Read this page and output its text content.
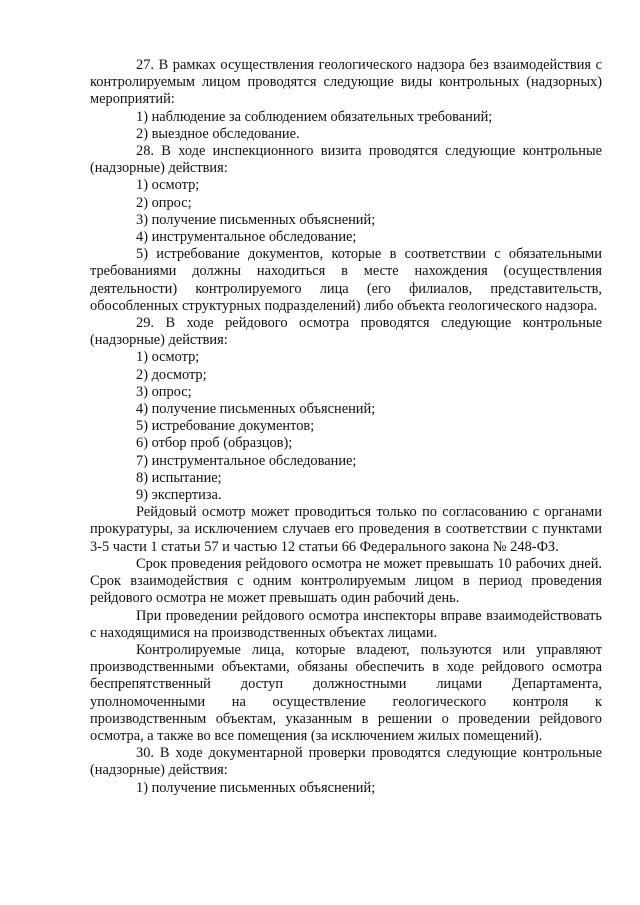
27. В рамках осуществления геологического надзора без взаимодействия с контролируемым лицом проводятся следующие виды контрольных (надзорных) мероприятий:

1) наблюдение за соблюдением обязательных требований;

2) выездное обследование.

28. В ходе инспекционного визита проводятся следующие контрольные (надзорные) действия:

1) осмотр;

2) опрос;

3) получение письменных объяснений;

4) инструментальное обследование;

5) истребование документов, которые в соответствии с обязательными требованиями должны находиться в месте нахождения (осуществления деятельности) контролируемого лица (его филиалов, представительств, обособленных структурных подразделений) либо объекта геологического надзора.

29. В ходе рейдового осмотра проводятся следующие контрольные (надзорные) действия:

1) осмотр;

2) досмотр;

3) опрос;

4) получение письменных объяснений;

5) истребование документов;

6) отбор проб (образцов);

7) инструментальное обследование;

8) испытание;

9) экспертиза.

Рейдовый осмотр может проводиться только по согласованию с органами прокуратуры, за исключением случаев его проведения в соответствии с пунктами 3-5 части 1 статьи 57 и частью 12 статьи 66 Федерального закона № 248-ФЗ.

Срок проведения рейдового осмотра не может превышать 10 рабочих дней. Срок взаимодействия с одним контролируемым лицом в период проведения рейдового осмотра не может превышать один рабочий день.

При проведении рейдового осмотра инспекторы вправе взаимодействовать с находящимися на производственных объектах лицами.

Контролируемые лица, которые владеют, пользуются или управляют производственными объектами, обязаны обеспечить в ходе рейдового осмотра беспрепятственный доступ должностными лицами Департамента, уполномоченными на осуществление геологического контроля к производственным объектам, указанным в решении о проведении рейдового осмотра, а также во все помещения (за исключением жилых помещений).

30. В ходе документарной проверки проводятся следующие контрольные (надзорные) действия:

1) получение письменных объяснений;
